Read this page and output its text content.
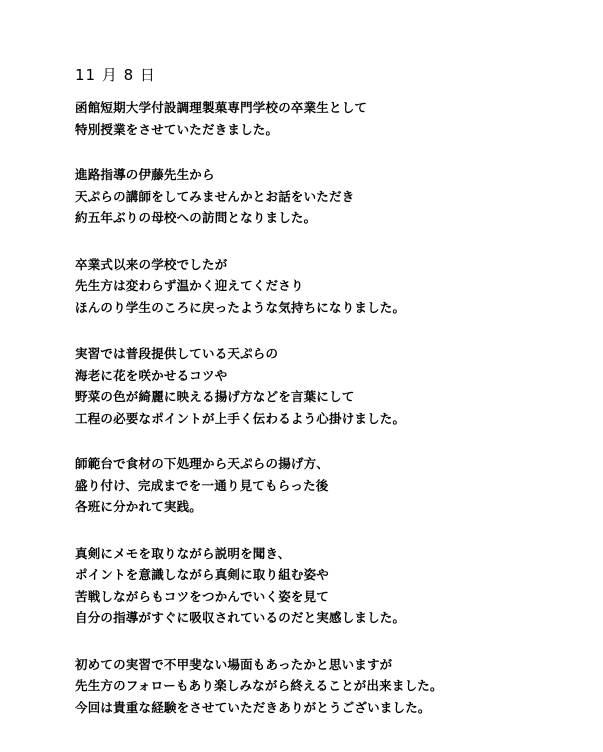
11 月 8 日
函館短期大学付設調理製菓専門学校の卒業生として
特別授業をさせていただきました。
進路指導の伊藤先生から
天ぷらの講師をしてみませんかとお話をいただき
約五年ぶりの母校への訪問となりました。
卒業式以来の学校でしたが
先生方は変わらず温かく迎えてくださり
ほんのり学生のころに戻ったような気持ちになりました。
実習では普段提供している天ぷらの
海老に花を咲かせるコツや
野菜の色が綺麗に映える揚げ方などを言葉にして
工程の必要なポイントが上手く伝わるよう心掛けました。
師範台で食材の下処理から天ぷらの揚げ方、
盛り付け、完成までを一通り見てもらった後
各班に分かれて実践。
真剣にメモを取りながら説明を聞き、
ポイントを意識しながら真剣に取り組む姿や
苦戦しながらもコツをつかんでいく姿を見て
自分の指導がすぐに吸収されているのだと実感しました。
初めての実習で不甲斐ない場面もあったかと思いますが
先生方のフォローもあり楽しみながら終えることが出来ました。
今回は貴重な経験をさせていただきありがとうございました。
